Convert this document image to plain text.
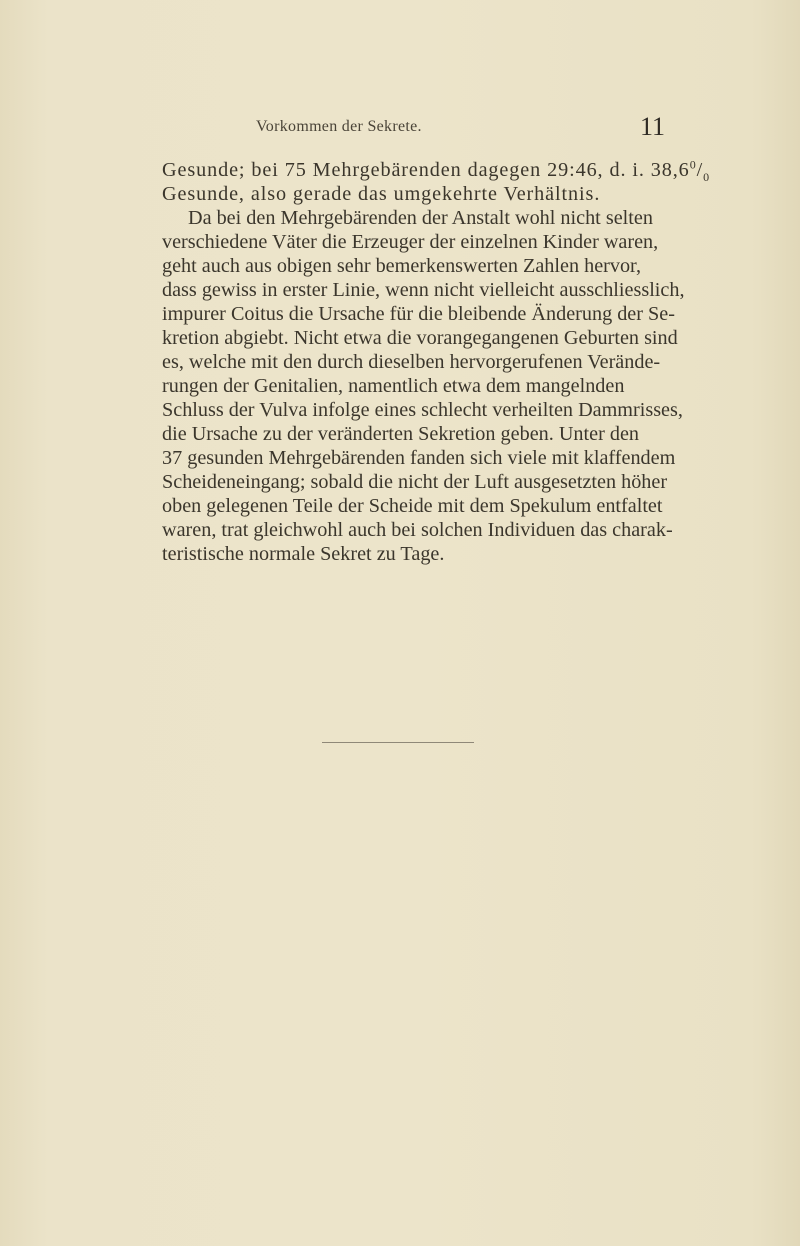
Vorkommen der Sekrete.	11
Gesunde; bei 75 Mehrgebärenden dagegen 29:46, d. i. $38,6^0/_0$
Gesunde, also gerade das umgekehrte Verhältnis.
Da bei den Mehrgebärenden der Anstalt wohl nicht selten
verschiedene Väter die Erzeuger der einzelnen Kinder waren,
geht auch aus obigen sehr bemerkenswerten Zahlen hervor,
dass gewiss in erster Linie, wenn nicht vielleicht ausschliesslich,
impurer Coitus die Ursache für die bleibende Änderung der Se-
kretion abgiebt. Nicht etwa die vorangegangenen Geburten sind
es, welche mit den durch dieselben hervorgerufenen Verände-
rungen der Genitalien, namentlich etwa dem mangelnden
Schluss der Vulva infolge eines schlecht verheilten Dammrisses,
die Ursache zu der veränderten Sekretion geben. Unter den
37 gesunden Mehrgebärenden fanden sich viele mit klaffendem
Scheideneingang; sobald die nicht der Luft ausgesetzten höher
oben gelegenen Teile der Scheide mit dem Spekulum entfaltet
waren, trat gleichwohl auch bei solchen Individuen das charak-
teristische normale Sekret zu Tage.
